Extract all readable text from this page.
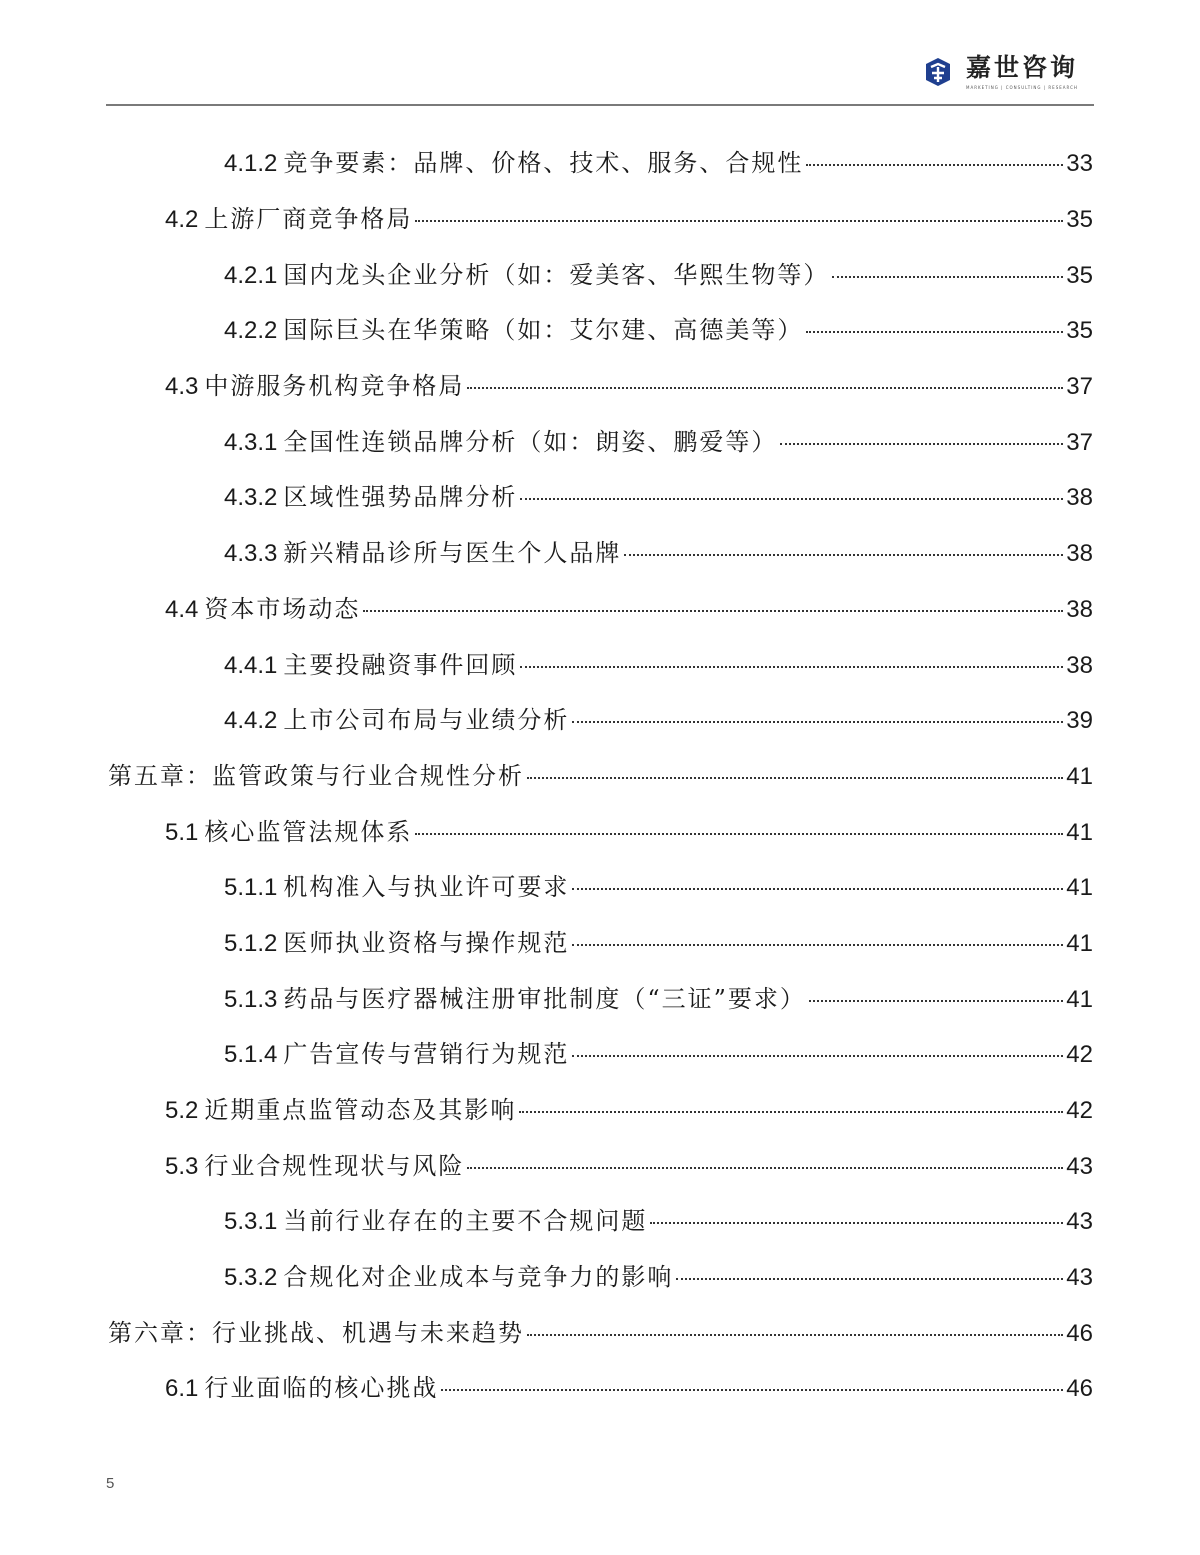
嘉世咨询
MARKETING | CONSULTING | RESEARCH
4.1.2 竞争要素：品牌、价格、技术、服务、合规性	33
4.2 上游厂商竞争格局	35
4.2.1 国内龙头企业分析（如：爱美客、华熙生物等）	35
4.2.2 国际巨头在华策略（如：艾尔建、高德美等）	35
4.3 中游服务机构竞争格局	37
4.3.1 全国性连锁品牌分析（如：朗姿、鹏爱等）	37
4.3.2 区域性强势品牌分析	38
4.3.3 新兴精品诊所与医生个人品牌	38
4.4 资本市场动态	38
4.4.1 主要投融资事件回顾	38
4.4.2 上市公司布局与业绩分析	39
第五章：监管政策与行业合规性分析	41
5.1 核心监管法规体系	41
5.1.1 机构准入与执业许可要求	41
5.1.2 医师执业资格与操作规范	41
5.1.3 药品与医疗器械注册审批制度（“三证”要求）	41
5.1.4 广告宣传与营销行为规范	42
5.2 近期重点监管动态及其影响	42
5.3 行业合规性现状与风险	43
5.3.1 当前行业存在的主要不合规问题	43
5.3.2 合规化对企业成本与竞争力的影响	43
第六章：行业挑战、机遇与未来趋势	46
6.1 行业面临的核心挑战	46
5
